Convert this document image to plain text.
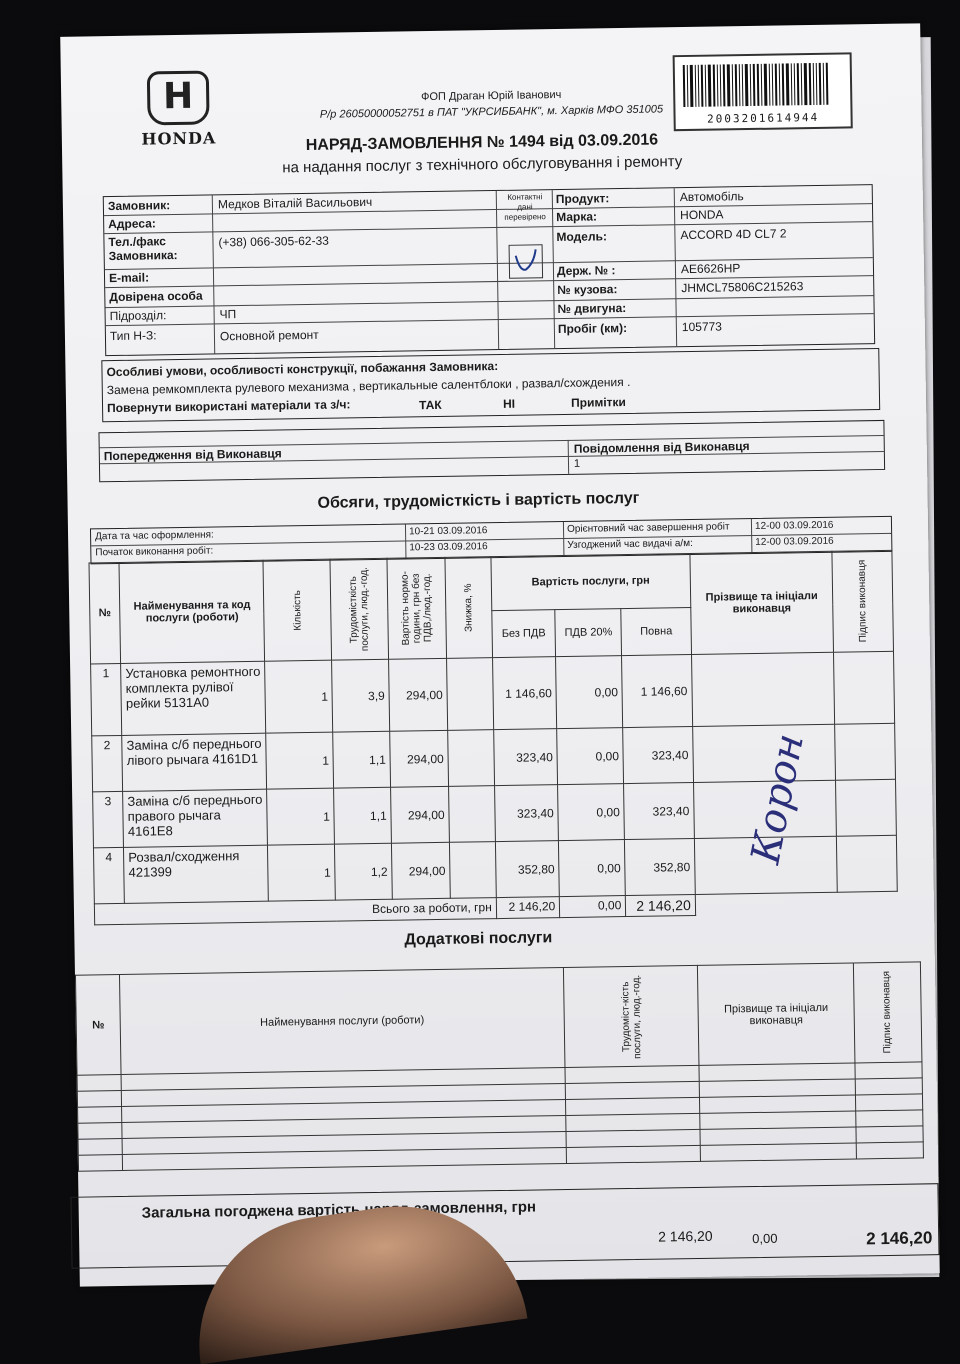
H
HONDA
ФОП Драган Юрій Іванович
Р/р 26050000052751 в ПАТ "УКРСИББАНК", м. Харків МФО 351005	2003201614944
НАРЯД-ЗАМОВЛЕННЯ № 1494 від 03.09.2016
на надання послуг з технічного обслуговування і ремонту
Замовник:	Медков Віталій Васильович
Адреса:
Тел./факс Замовника:
(+38) 066-305-62-33
E-mail:
Довірена особа
Підрозділ:	ЧП
Тип Н-З:	Основной ремонт
Контактні дані перевірено
Продукт:	Автомобіль
Марка:	HONDA
Модель:	ACCORD 4D CL7 2
Держ. № :	AE6626HP
№ кузова:	JHMCL75806C215263
№ двигуна:
Пробіг (км):	105773
Особливі умови, особливості конструкції, побажання Замовника:
Замена ремкомплекта рулевого механизма , вертикальные салентблоки , развал/схождения .
Повернути використані матеріали та з/ч:	ТАК	НІ	Примітки
Попередження від Виконавця	Повідомлення від Виконавця
1
Обсяги, трудомісткість і вартість послуг
Дата та час оформлення:	10-21 03.09.2016	Орієнтовний час завершення робіт	12-00 03.09.2016
Початок виконання робіт:	10-23 03.09.2016	Узгоджений час видачі а/м:	12-00 03.09.2016
№	Найменування та код послуги (роботи)	Кількість	Трудомісткість послуги, люд.-год.	Вартість нормо-години, грн без ПДВ,/люд.-год.	Знижка, %	Вартість послуги, грн			Прізвище та ініціали виконавця	Підпис виконавця

						Без ПДВ	ПДВ 20%	Повна		
1	Установка ремонтного комплекта рулівої рейки 5131A0	1	3,9	294,00		1 146,60	0,00	1 146,60		
2	Заміна с/б переднього лівого рычага 4161D1	1	1,1	294,00		323,40	0,00	323,40		
3	Заміна с/б переднього правого рычага 4161E8	1	1,1	294,00		323,40	0,00	323,40		
4	Розвал/сходження 421399	1	1,2	294,00		352,80	0,00	352,80		
Всього за роботи, грн						2 146,20	0,00	2 146,20		
Корон
Додаткові послуги
№	Найменування послуги (роботи)	Трудоміст-кість послуги, люд.-год.	Прізвище та ініціали виконавця	Підпис виконавця

Загальна погоджена вартість наряд-замовлення, грн
2 146,20	0,00	2 146,20
